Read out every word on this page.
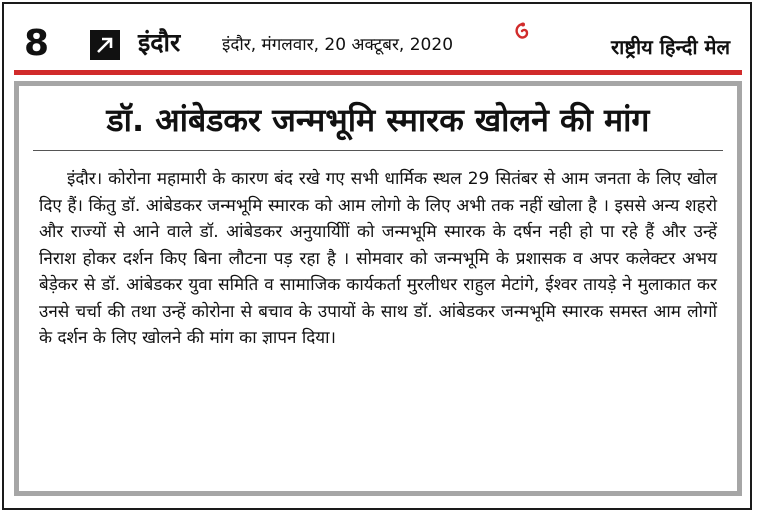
8	इंदौर इंदौर, मंगलवार, 20 अक्टूबर, 2020	राष्ट्रीय हिन्दी मेल
डॉ. आंबेडकर जन्मभूमि स्मारक खोलने की मांग

इंदौर। कोरोना महामारी के कारण बंद रखे गए सभी धार्मिक स्थल 29 सितंबर से आम जनता के लिए खोल दिए हैं। किंतु डॉ. आंबेडकर जन्मभूमि स्मारक को आम लोगो के लिए अभी तक नहीं खोला है । इससे अन्य शहरो और राज्यों से आने वाले डॉ. आंबेडकर अनुयायिीों को जन्मभूमि स्मारक के दर्षन नही हो पा रहे हैं और उन्हें निराश होकर दर्शन किए बिना लौटना पड़ रहा है । सोमवार को जन्मभूमि के प्रशासक व अपर कलेक्टर अभय बेड़ेकर से डॉ. आंबेडकर युवा समिति व सामाजिक कार्यकर्ता मुरलीधर राहुल मेटांगे, ईश्वर तायड़े ने मुलाकात कर उनसे चर्चा की तथा उन्हें कोरोना से बचाव के उपायों के साथ डॉ. आंबेडकर जन्मभूमि स्मारक समस्त आम लोगों के दर्शन के लिए खोलने की मांग का ज्ञापन दिया।
